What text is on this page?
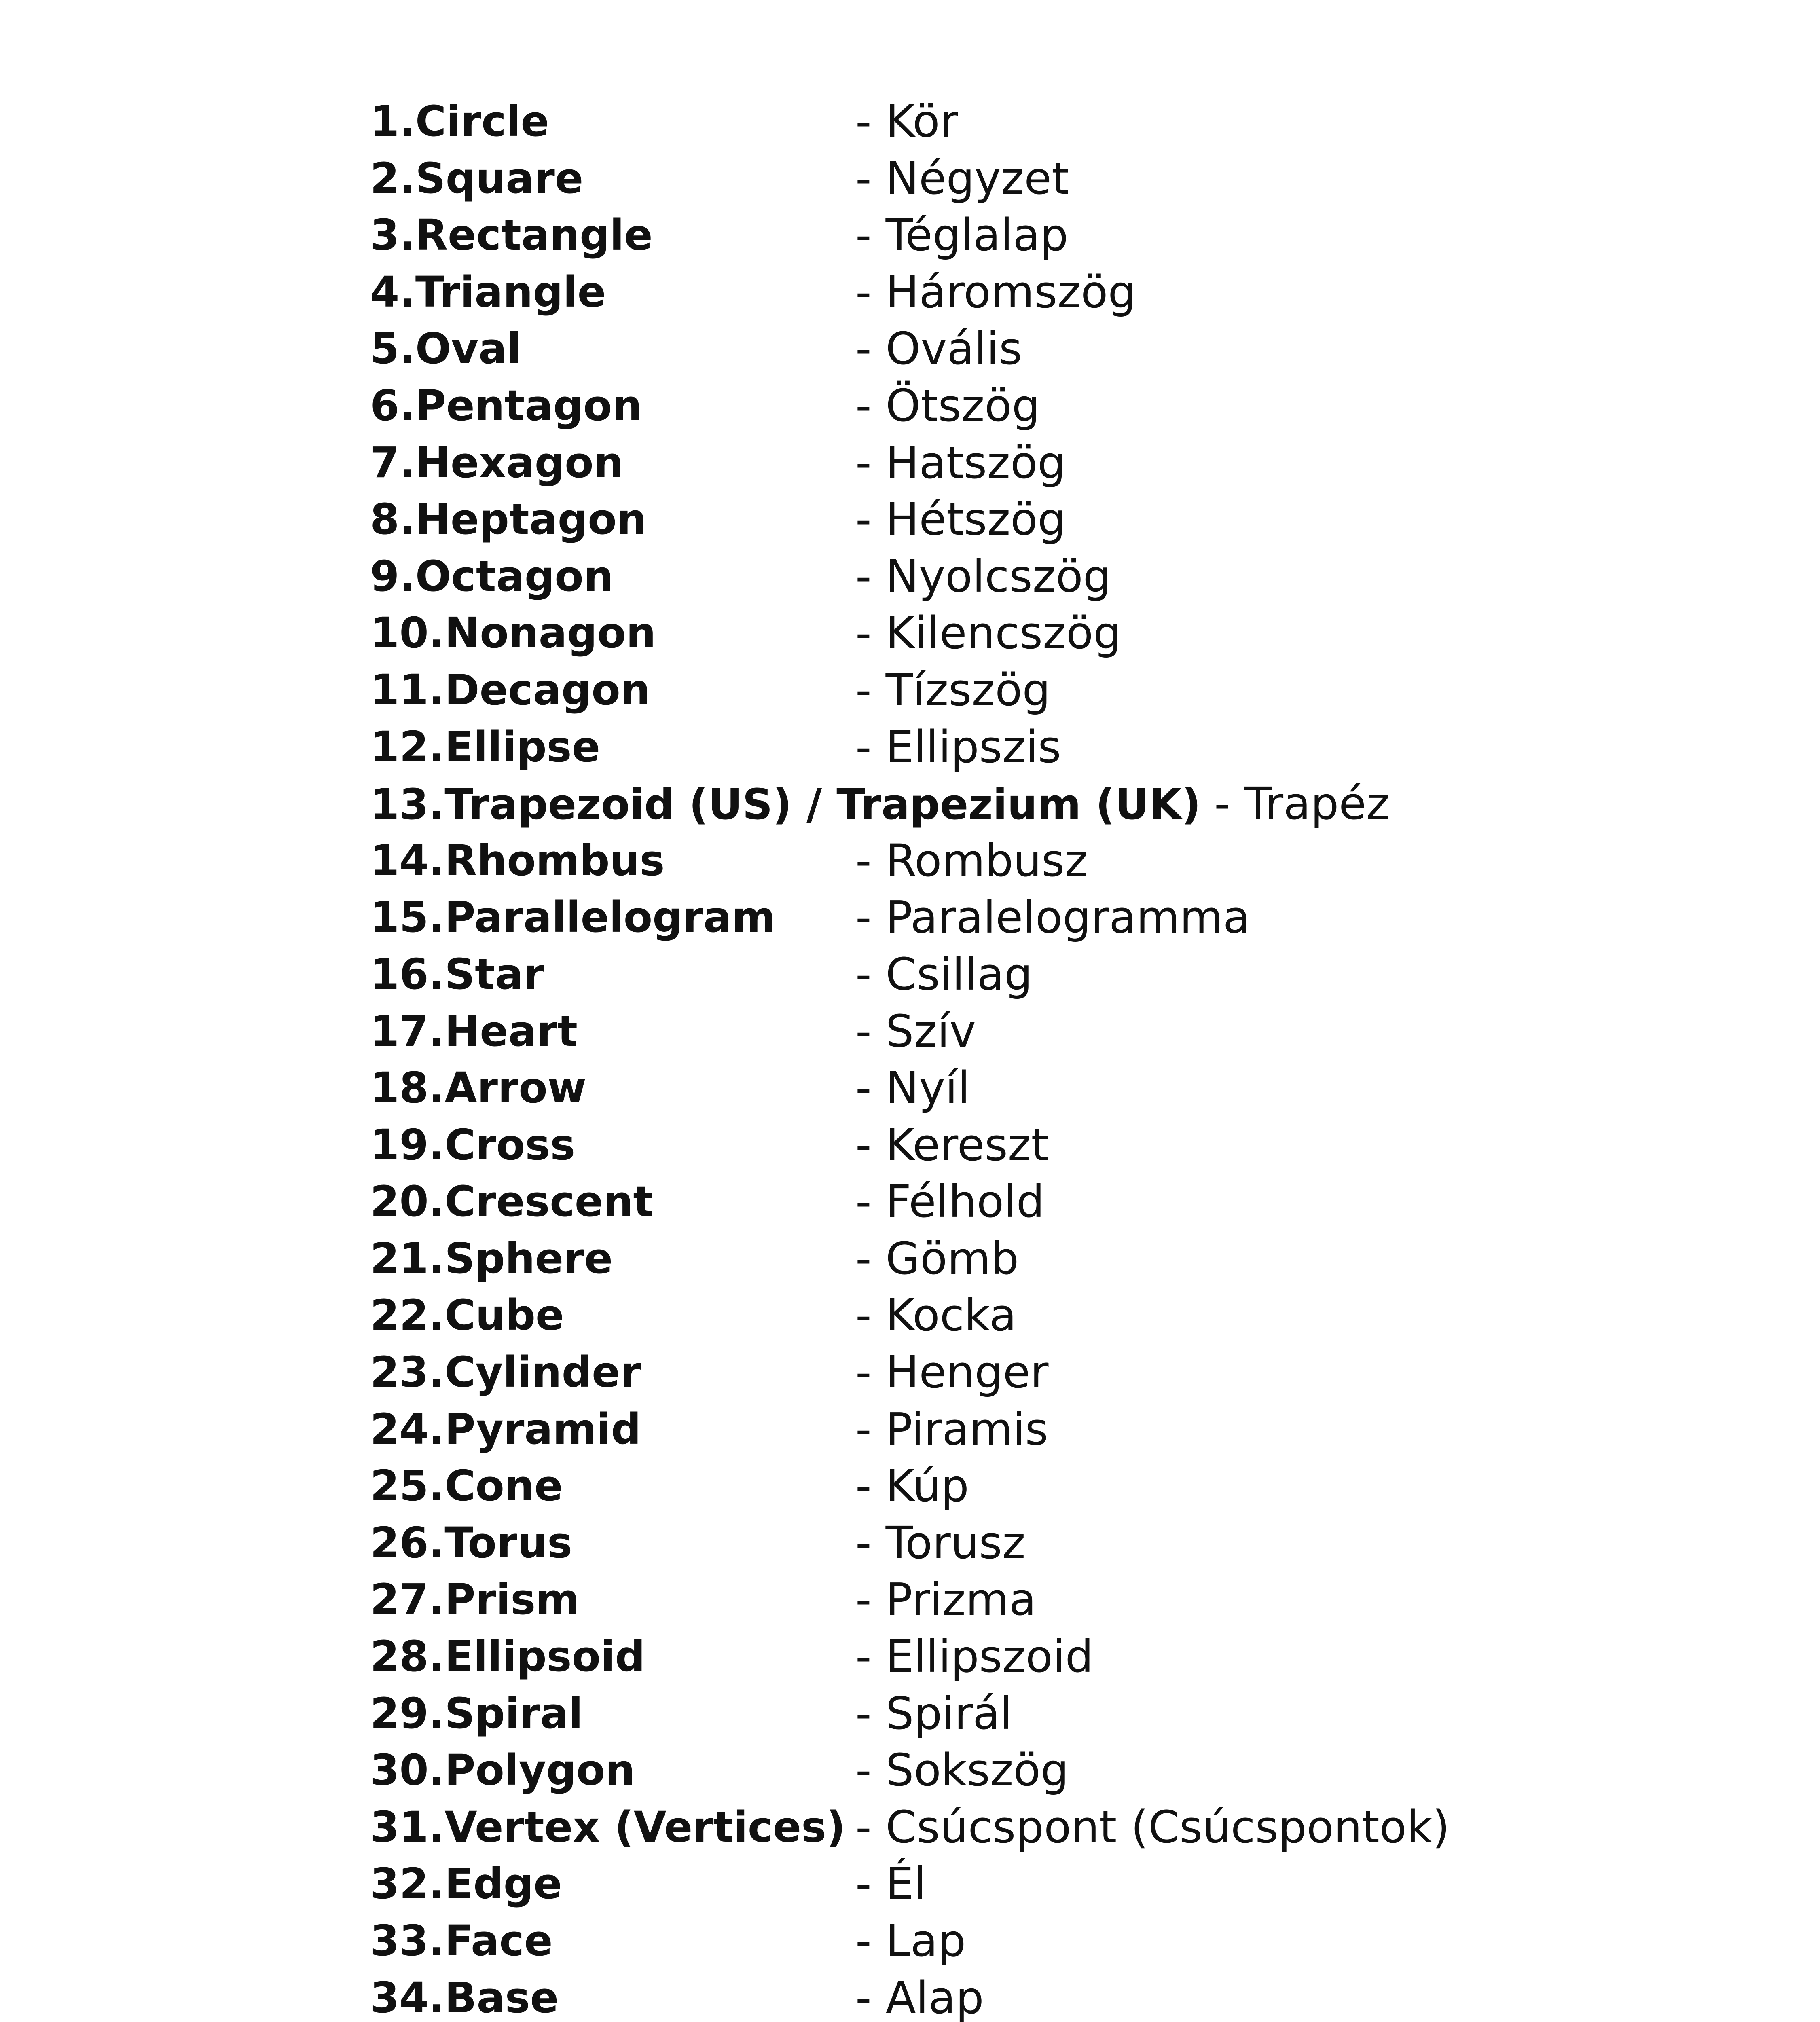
1.Circle	- Kör
2.Square	- Négyzet
3.Rectangle	- Téglalap
4.Triangle	- Háromszög
5.Oval	- Ovális
6.Pentagon	- Ötszög
7.Hexagon	- Hatszög
8.Heptagon	- Hétszög
9.Octagon	- Nyolcszög
10.Nonagon	- Kilencszög
11.Decagon	- Tízszög
12.Ellipse	- Ellipszis
13.Trapezoid (US) / Trapezium (UK) - Trapéz
14.Rhombus	- Rombusz
15.Parallelogram - Paralelogramma
16.Star	- Csillag
17.Heart	- Szív
18.Arrow	- Nyíl
19.Cross	- Kereszt
20.Crescent	- Félhold
21.Sphere	- Gömb
22.Cube	- Kocka
23.Cylinder	- Henger
24.Pyramid	- Piramis
25.Cone	- Kúp
26.Torus	- Torusz
27.Prism	- Prizma
28.Ellipsoid	- Ellipszoid
29.Spiral	- Spirál
30.Polygon	- Sokszög
31.Vertex (Vertices) - Csúcspont (Csúcspontok)
32.Edge	- Él
33.Face	- Lap
34.Base	- Alap
